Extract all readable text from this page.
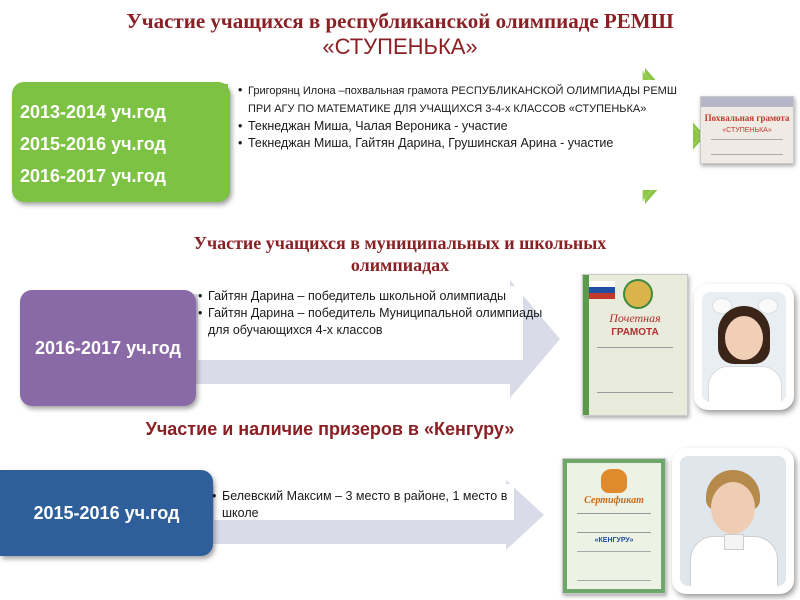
Участие учащихся в республиканской олимпиаде РЕМШ
«СТУПЕНЬКА»
2013-2014 уч.год
2015-2016 уч.год
2016-2017 уч.год
• Григорянц Илона –похвальная грамота РЕСПУБЛИКАНСКОЙ ОЛИМПИАДЫ РЕМШ ПРИ АГУ ПО МАТЕМАТИКЕ ДЛЯ УЧАЩИХСЯ 3-4-х КЛАССОВ «СТУПЕНЬКА»
• Текнеджан Миша, Чалая Вероника - участие
• Текнеджан Миша, Гайтян Дарина, Грушинская Арина - участие
Похвальная грамота
«СТУПЕНЬКА»
Участие учащихся в муниципальных и школьных
олимпиадах
2016-2017 уч.год
• Гайтян Дарина – победитель школьной олимпиады
• Гайтян Дарина – победитель Муниципальной олимпиады для обучающихся 4-х классов
Почетная
ГРАМОТА
Участие и наличие призеров в «Кенгуру»
2015-2016 уч.год
• Белевский Максим – 3 место в районе, 1 место в школе
Сертификат
«КЕНГУРУ»
